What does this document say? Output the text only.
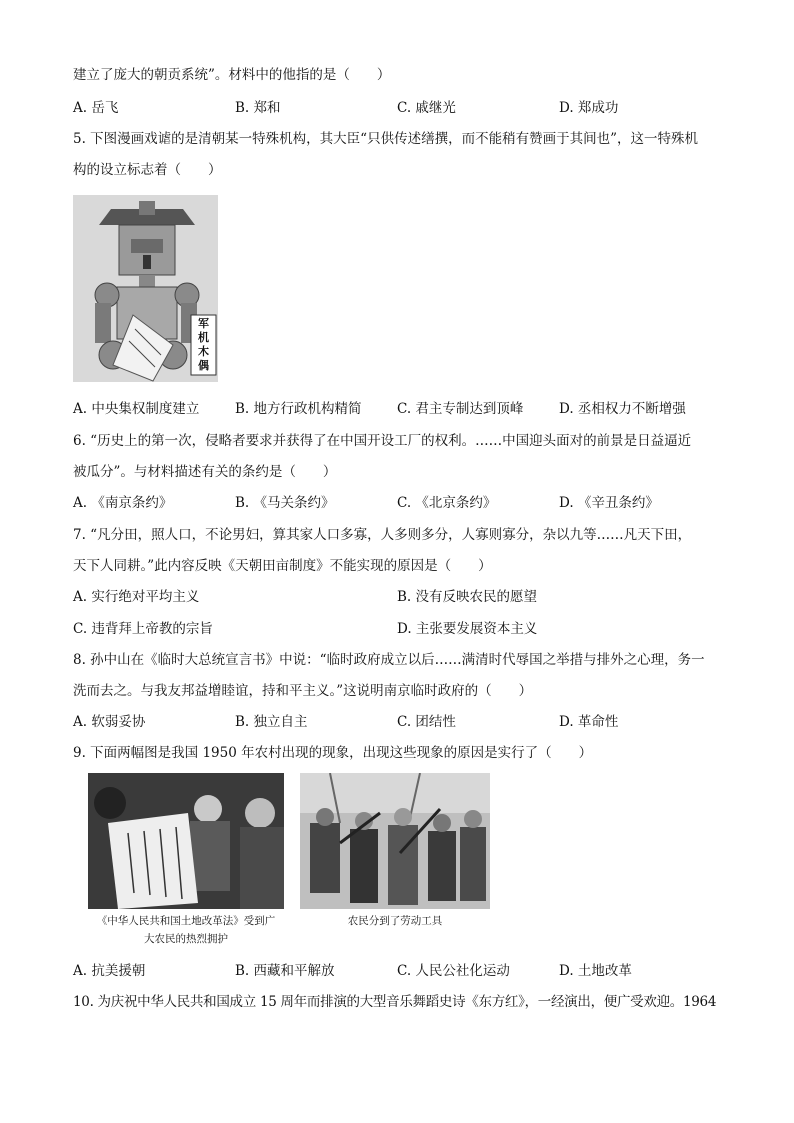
建立了庞大的朝贡系统”。材料中的他指的是（　　）
A. 岳飞	B. 郑和	C. 戚继光	D. 郑成功
5. 下图漫画戏谑的是清朝某一特殊机构，其大臣“只供传述缮撰，而不能稍有赞画于其间也”，这一特殊机
构的设立标志着（　　）
军机木偶
A. 中央集权制度建立	B. 地方行政机构精简	C. 君主专制达到顶峰	D. 丞相权力不断增强
6. “历史上的第一次，侵略者要求并获得了在中国开设工厂的权利。……中国迎头面对的前景是日益逼近
被瓜分”。与材料描述有关的条约是（　　）
A. 《南京条约》	B. 《马关条约》	C. 《北京条约》	D. 《辛丑条约》
7. “凡分田，照人口，不论男妇，算其家人口多寡，人多则多分，人寡则寡分，杂以九等……凡天下田，
天下人同耕。”此内容反映《天朝田亩制度》不能实现的原因是（　　）
A. 实行绝对平均主义	B. 没有反映农民的愿望
C. 违背拜上帝教的宗旨	D. 主张要发展资本主义
8. 孙中山在《临时大总统宣言书》中说：“临时政府成立以后……满清时代辱国之举措与排外之心理，务一
洗而去之。与我友邦益增睦谊，持和平主义。”这说明南京临时政府的（　　）
A. 软弱妥协	B. 独立自主	C. 团结性	D. 革命性
9. 下面两幅图是我国 1950 年农村出现的现象，出现这些现象的原因是实行了（　　）
《中华人民共和国土地改革法》受到广
大农民的热烈拥护
农民分到了劳动工具
A. 抗美援朝	B. 西藏和平解放	C. 人民公社化运动	D. 土地改革
10. 为庆祝中华人民共和国成立 15 周年而排演的大型音乐舞蹈史诗《东方红》，一经演出，便广受欢迎。1964
